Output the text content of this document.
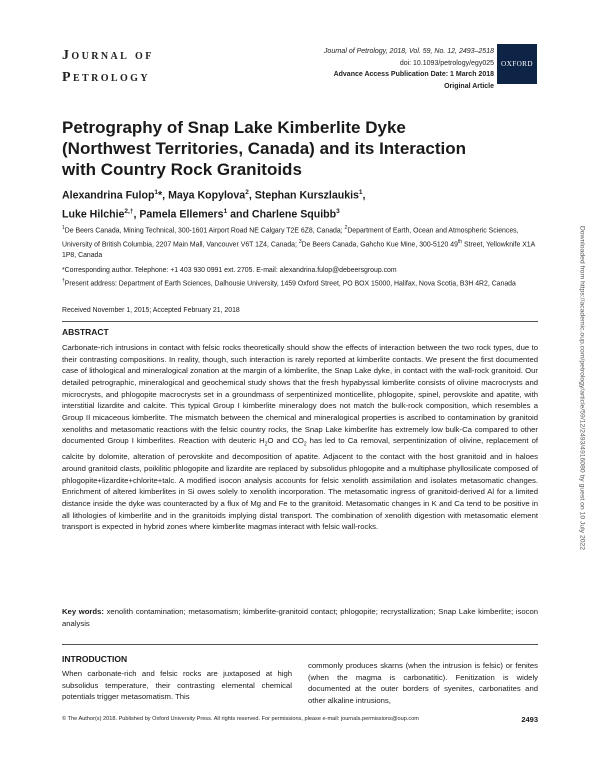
Journal of
Petrology
Journal of Petrology, 2018, Vol. 59, No. 12, 2493–2518
doi: 10.1093/petrology/egy025
Advance Access Publication Date: 1 March 2018
Original Article
OXFORD
Petrography of Snap Lake Kimberlite Dyke (Northwest Territories, Canada) and its Interaction with Country Rock Granitoids

Alexandrina Fulop$^1$*, Maya Kopylova$^2$, Stephan Kurszlaukis$^1$,
Luke Hilchie$^{2,\dagger}$, Pamela Ellemers$^1$ and Charlene Squibb$^3$

$^1$De Beers Canada, Mining Technical, 300-1601 Airport Road NE Calgary T2E 6Z8, Canada; $^2$Department of Earth, Ocean and Atmospheric Sciences, University of British Columbia, 2207 Main Mall, Vancouver V6T 1Z4, Canada; $^3$De Beers Canada, Gahcho Kue Mine, 300-5120 49th Street, Yellowknife X1A 1P8, Canada

*Corresponding author. Telephone: +1 403 930 0991 ext. 2705. E-mail: alexandrina.fulop@debeersgroup.com
†Present address: Department of Earth Sciences, Dalhousie University, 1459 Oxford Street, PO BOX 15000, Halifax, Nova Scotia, B3H 4R2, Canada

Received November 1, 2015; Accepted February 21, 2018

ABSTRACT

Carbonate-rich intrusions in contact with felsic rocks theoretically should show the effects of interaction between the two rock types, due to their contrasting compositions. In reality, though, such interaction is rarely reported at kimberlite contacts. We present the first documented case of lithological and mineralogical zonation at the margin of a kimberlite, the Snap Lake dyke, in contact with the wall-rock granitoid. Our detailed petrographic, mineralogical and geochemical study shows that the fresh hypabyssal kimberlite consists of olivine macrocrysts and microcrysts, and phlogopite macrocrysts set in a groundmass of serpentinized monticellite, phlogopite, spinel, perovskite and apatite, with interstitial lizardite and calcite. This typical Group I kimberlite mineralogy does not match the bulk-rock composition, which resembles a Group II micaceous kimberlite. The mismatch between the chemical and mineralogical properties is ascribed to contamination by granitoid xenoliths and metasomatic reactions with the felsic country rocks, the Snap Lake kimberlite has extremely low bulk-Ca compared to other documented Group I kimberlites. Reaction with deuteric $H_2O$ and $CO_2$ has led to Ca removal, serpentinization of olivine, replacement of calcite by dolomite, alteration of perovskite and decomposition of apatite. Adjacent to the contact with the host granitoid and in haloes around granitoid clasts, poikilitic phlogopite and lizardite are replaced by subsolidus phlogopite and a multiphase phyllosilicate composed of phlogopite+lizardite+chlorite+talc. A modified isocon analysis accounts for felsic xenolith assimilation and isolates metasomatic changes. Enrichment of altered kimberlites in Si owes solely to xenolith incorporation. The metasomatic ingress of granitoid-derived Al for a limited distance inside the dyke was counteracted by a flux of Mg and Fe to the granitoid. Metasomatic changes in K and Ca tend to be positive in all lithologies of kimberlite and in the granitoids implying distal transport. The combination of xenolith digestion with metasomatic element transport is expected in hybrid zones where kimberlite magmas interact with felsic wall-rocks.

Key words: xenolith contamination; metasomatism; kimberlite-granitoid contact; phlogopite; recrystallization; Snap Lake kimberlite; isocon analysis

INTRODUCTION

When carbonate-rich and felsic rocks are juxtaposed at high subsolidus temperature, their contrasting elemental chemical potentials trigger metasomatism. This

commonly produces skarns (when the intrusion is felsic) or fenites (when the magma is carbonatitic). Fenitization is widely documented at the outer borders of syenites, carbonatites and other alkaline intrusions,

© The Author(s) 2018. Published by Oxford University Press. All rights reserved. For permissions, please e-mail: journals.permissions@oup.com	2493

Downloaded from https://academic.oup.com/petrology/article/59/12/2493/4916080 by guest on 10 July 2022
